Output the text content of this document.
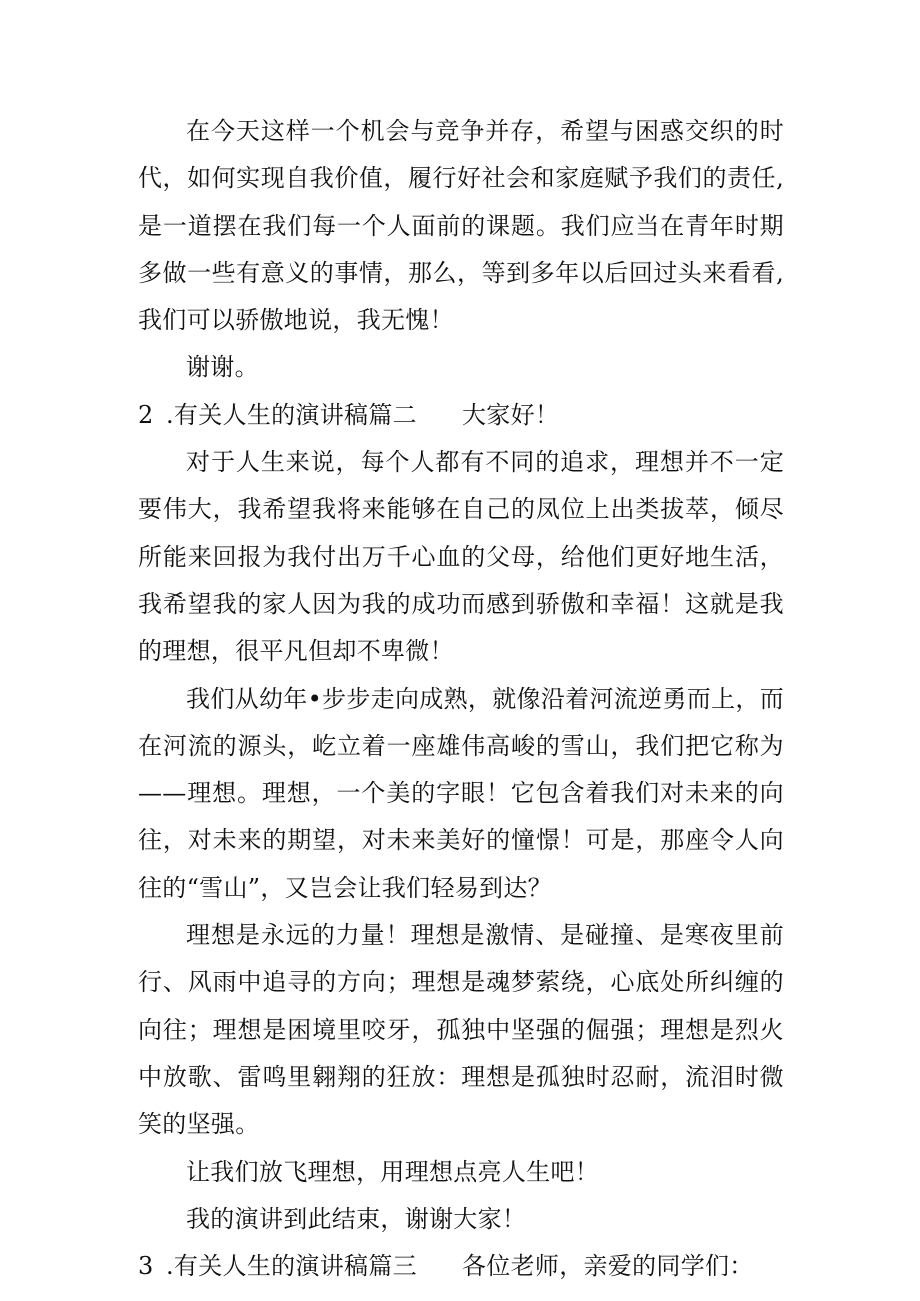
在今天这样一个机会与竞争并存，希望与困惑交织的时代，如何实现自我价值，履行好社会和家庭赋予我们的责任,是一道摆在我们每一个人面前的课题。我们应当在青年时期多做一些有意义的事情，那么，等到多年以后回过头来看看,我们可以骄傲地说，我无愧！

谢谢。

2 .有关人生的演讲稿篇二 大家好！

对于人生来说，每个人都有不同的追求，理想并不一定要伟大，我希望我将来能够在自己的凤位上出类拔萃，倾尽所能来回报为我付出万千心血的父母，给他们更好地生活，我希望我的家人因为我的成功而感到骄傲和幸福！这就是我的理想，很平凡但却不卑微！

我们从幼年•步步走向成熟，就像沿着河流逆勇而上，而在河流的源头，屹立着一座雄伟高峻的雪山，我们把它称为——理想。理想，一个美的字眼！它包含着我们对未来的向往，对未来的期望，对未来美好的憧憬！可是，那座令人向往的“雪山”，又岂会让我们轻易到达？

理想是永远的力量！理想是激情、是碰撞、是寒夜里前行、风雨中追寻的方向；理想是魂梦萦绕，心底处所纠缠的向往；理想是困境里咬牙，孤独中坚强的倔强；理想是烈火中放歌、雷鸣里翱翔的狂放：理想是孤独时忍耐，流泪时微笑的坚强。

让我们放飞理想，用理想点亮人生吧！

我的演讲到此结束，谢谢大家！

3 .有关人生的演讲稿篇三 各位老师，亲爱的同学们：
